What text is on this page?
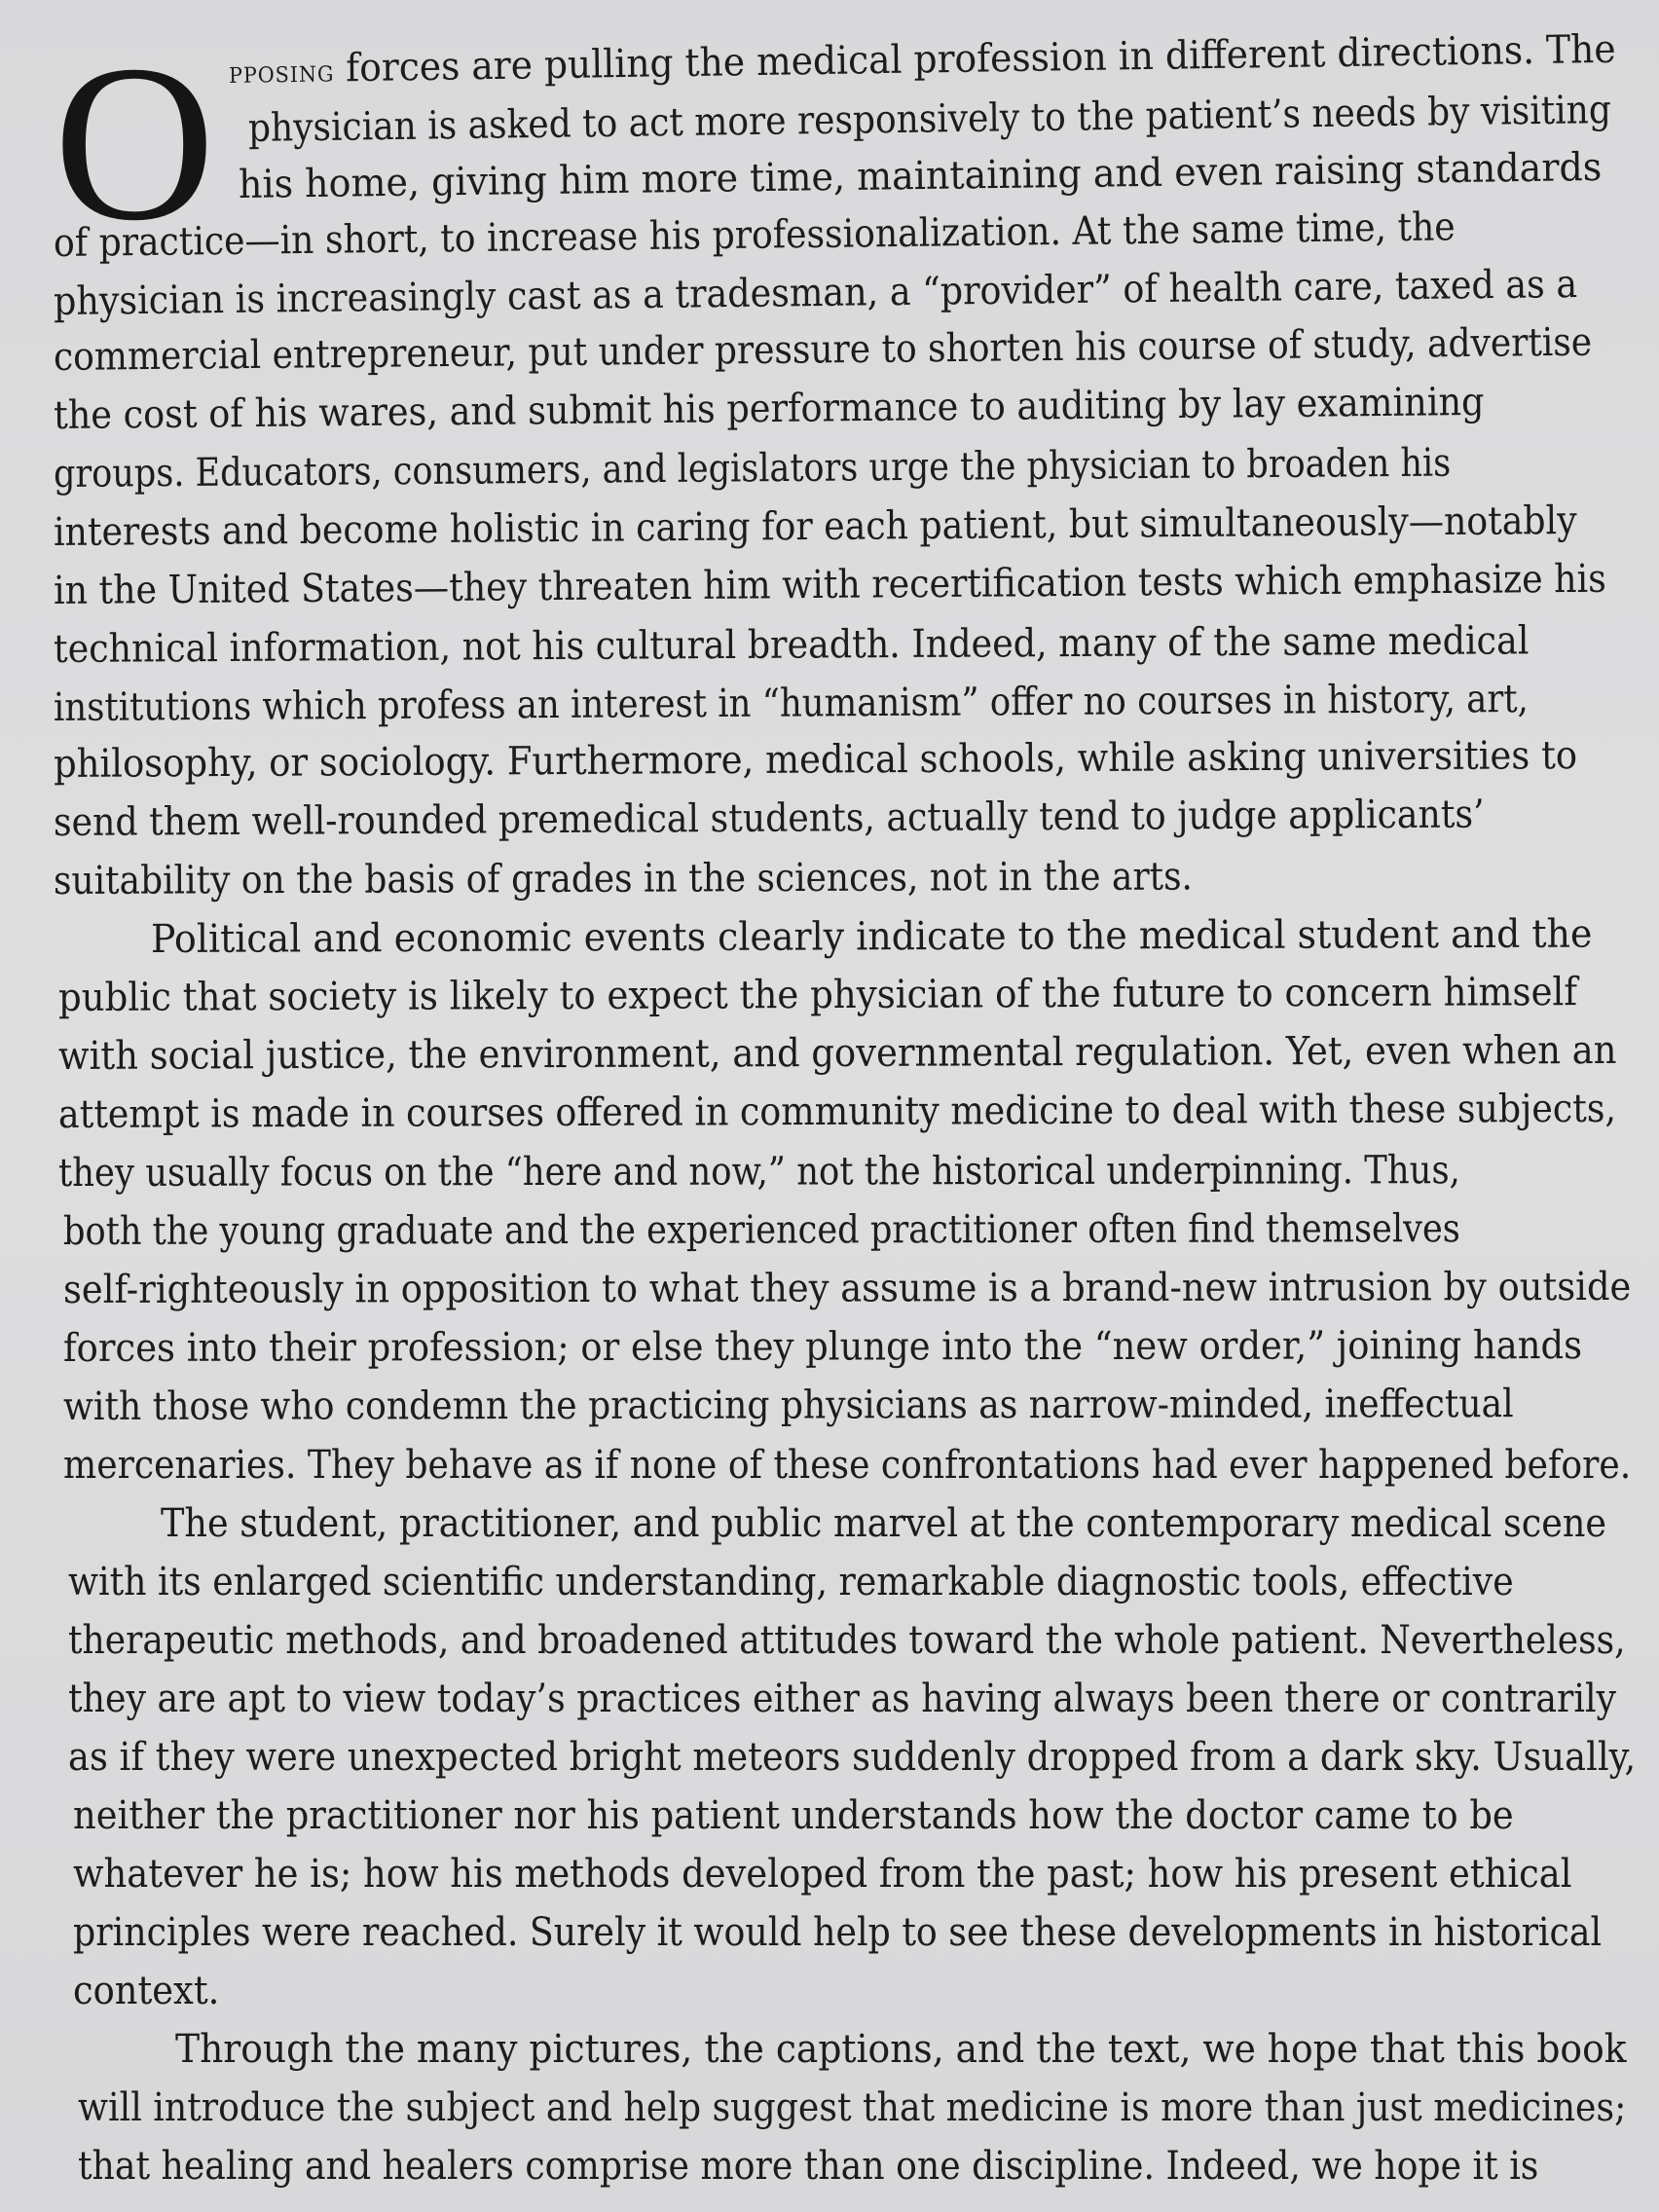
O pposing forces are pulling the medical profession in different directions. The
physician is asked to act more responsively to the patient’s needs by visiting
his home, giving him more time, maintaining and even raising standards
of practice—in short, to increase his professionalization. At the same time, the
physician is increasingly cast as a tradesman, a “provider” of health care, taxed as a
commercial entrepreneur, put under pressure to shorten his course of study, advertise
the cost of his wares, and submit his performance to auditing by lay examining
groups. Educators, consumers, and legislators urge the physician to broaden his
interests and become holistic in caring for each patient, but simultaneously—notably
in the United States—they threaten him with recertification tests which emphasize his
technical information, not his cultural breadth. Indeed, many of the same medical
institutions which profess an interest in “humanism” offer no courses in history, art,
philosophy, or sociology. Furthermore, medical schools, while asking universities to
send them well-rounded premedical students, actually tend to judge applicants’
suitability on the basis of grades in the sciences, not in the arts.
Political and economic events clearly indicate to the medical student and the
public that society is likely to expect the physician of the future to concern himself
with social justice, the environment, and governmental regulation. Yet, even when an
attempt is made in courses offered in community medicine to deal with these subjects,
they usually focus on the “here and now,” not the historical underpinning. Thus,
both the young graduate and the experienced practitioner often find themselves
self-righteously in opposition to what they assume is a brand-new intrusion by outside
forces into their profession; or else they plunge into the “new order,” joining hands
with those who condemn the practicing physicians as narrow-minded, ineffectual
mercenaries. They behave as if none of these confrontations had ever happened before.
The student, practitioner, and public marvel at the contemporary medical scene
with its enlarged scientific understanding, remarkable diagnostic tools, effective
therapeutic methods, and broadened attitudes toward the whole patient. Nevertheless,
they are apt to view today’s practices either as having always been there or contrarily
as if they were unexpected bright meteors suddenly dropped from a dark sky. Usually,
neither the practitioner nor his patient understands how the doctor came to be
whatever he is; how his methods developed from the past; how his present ethical
principles were reached. Surely it would help to see these developments in historical
context.
Through the many pictures, the captions, and the text, we hope that this book
will introduce the subject and help suggest that medicine is more than just medicines;
that healing and healers comprise more than one discipline. Indeed, we hope it is
